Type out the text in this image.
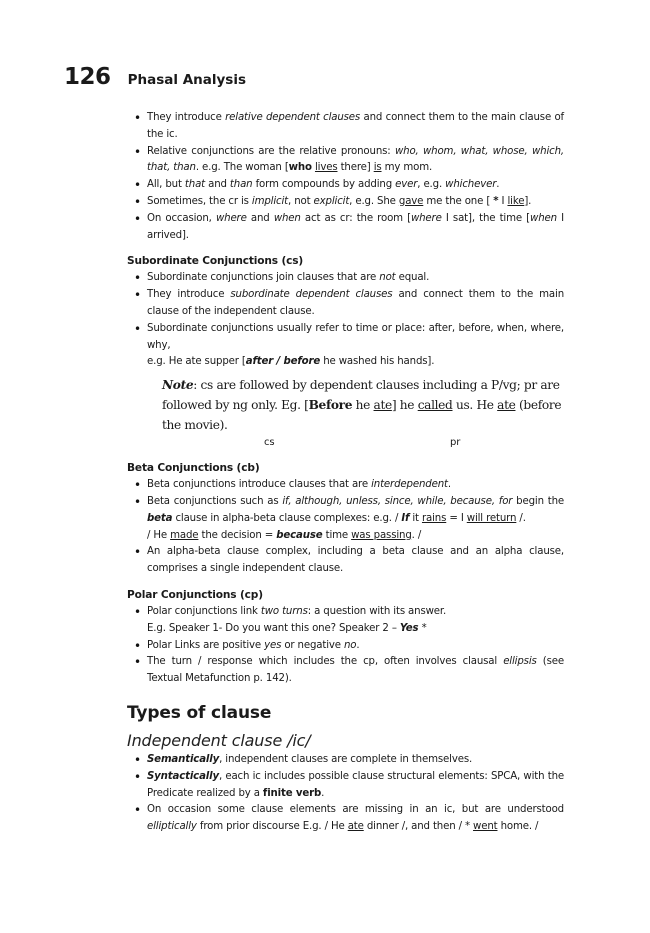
126 Phasal Analysis
• They introduce relative dependent clauses and connect them to the main clause of the ic.
• Relative conjunctions are the relative pronouns: who, whom, what, whose, which, that, than. e.g. The woman [who lives there] is my mom.
• All, but that and than form compounds by adding ever, e.g. whichever.
• Sometimes, the cr is implicit, not explicit, e.g. She gave me the one [ * I like].
• On occasion, where and when act as cr: the room [where I sat], the time [when I arrived].
Subordinate Conjunctions (cs)
• Subordinate conjunctions join clauses that are not equal.
• They introduce subordinate dependent clauses and connect them to the main clause of the independent clause.
• Subordinate conjunctions usually refer to time or place: after, before, when, where, why,
e.g. He ate supper [after / before he washed his hands].
Note: cs are followed by dependent clauses including a P/vg; pr are followed by ng only. Eg. [Before he ate] he called us. He ate (before the movie).
cs	pr
Beta Conjunctions (cb)
• Beta conjunctions introduce clauses that are interdependent.
• Beta conjunctions such as if, although, unless, since, while, because, for begin the beta clause in alpha-beta clause complexes: e.g. / If it rains = I will return /.
/ He made the decision = because time was passing. /
• An alpha-beta clause complex, including a beta clause and an alpha clause, comprises a single independent clause.
Polar Conjunctions (cp)
• Polar conjunctions link two turns: a question with its answer.
E.g. Speaker 1- Do you want this one? Speaker 2 – Yes *
• Polar Links are positive yes or negative no.
• The turn / response which includes the cp, often involves clausal ellipsis (see Textual Metafunction p. 142).
Types of clause
Independent clause /ic/
• Semantically, independent clauses are complete in themselves.
• Syntactically, each ic includes possible clause structural elements: SPCA, with the Predicate realized by a finite verb.
• On occasion some clause elements are missing in an ic, but are understood elliptically from prior discourse E.g. / He ate dinner /, and then / * went home. /
